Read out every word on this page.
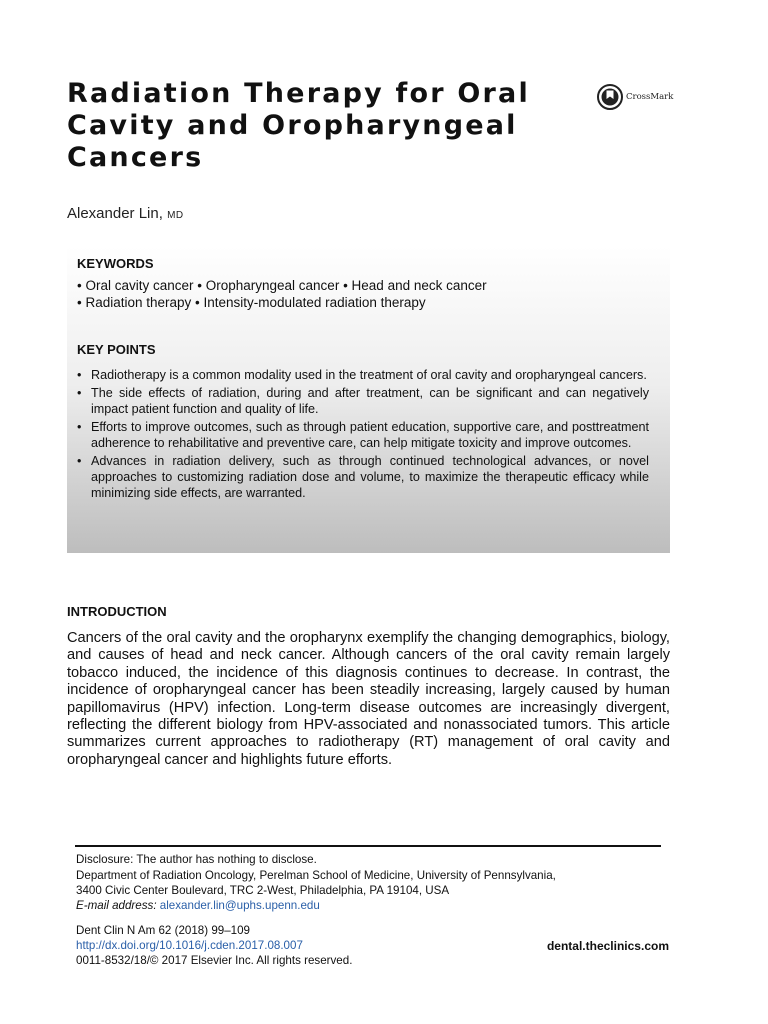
Radiation Therapy for Oral Cavity and Oropharyngeal Cancers
CrossMark
Alexander Lin, MD
KEYWORDS
• Oral cavity cancer • Oropharyngeal cancer • Head and neck cancer
• Radiation therapy • Intensity-modulated radiation therapy
KEY POINTS
• Radiotherapy is a common modality used in the treatment of oral cavity and oropharyngeal cancers.
• The side effects of radiation, during and after treatment, can be significant and can negatively impact patient function and quality of life.
• Efforts to improve outcomes, such as through patient education, supportive care, and posttreatment adherence to rehabilitative and preventive care, can help mitigate toxicity and improve outcomes.
• Advances in radiation delivery, such as through continued technological advances, or novel approaches to customizing radiation dose and volume, to maximize the therapeutic efficacy while minimizing side effects, are warranted.
INTRODUCTION

Cancers of the oral cavity and the oropharynx exemplify the changing demographics, biology, and causes of head and neck cancer. Although cancers of the oral cavity remain largely tobacco induced, the incidence of this diagnosis continues to decrease. In contrast, the incidence of oropharyngeal cancer has been steadily increasing, largely caused by human papillomavirus (HPV) infection. Long-term disease outcomes are increasingly divergent, reflecting the different biology from HPV-associated and nonassociated tumors. This article summarizes current approaches to radiotherapy (RT) management of oral cavity and oropharyngeal cancer and highlights future efforts.

Disclosure: The author has nothing to disclose.
Department of Radiation Oncology, Perelman School of Medicine, University of Pennsylvania,
3400 Civic Center Boulevard, TRC 2-West, Philadelphia, PA 19104, USA
E-mail address: alexander.lin@uphs.upenn.edu
Dent Clin N Am 62 (2018) 99–109
http://dx.doi.org/10.1016/j.cden.2017.08.007
0011-8532/18/© 2017 Elsevier Inc. All rights reserved.
dental.theclinics.com
